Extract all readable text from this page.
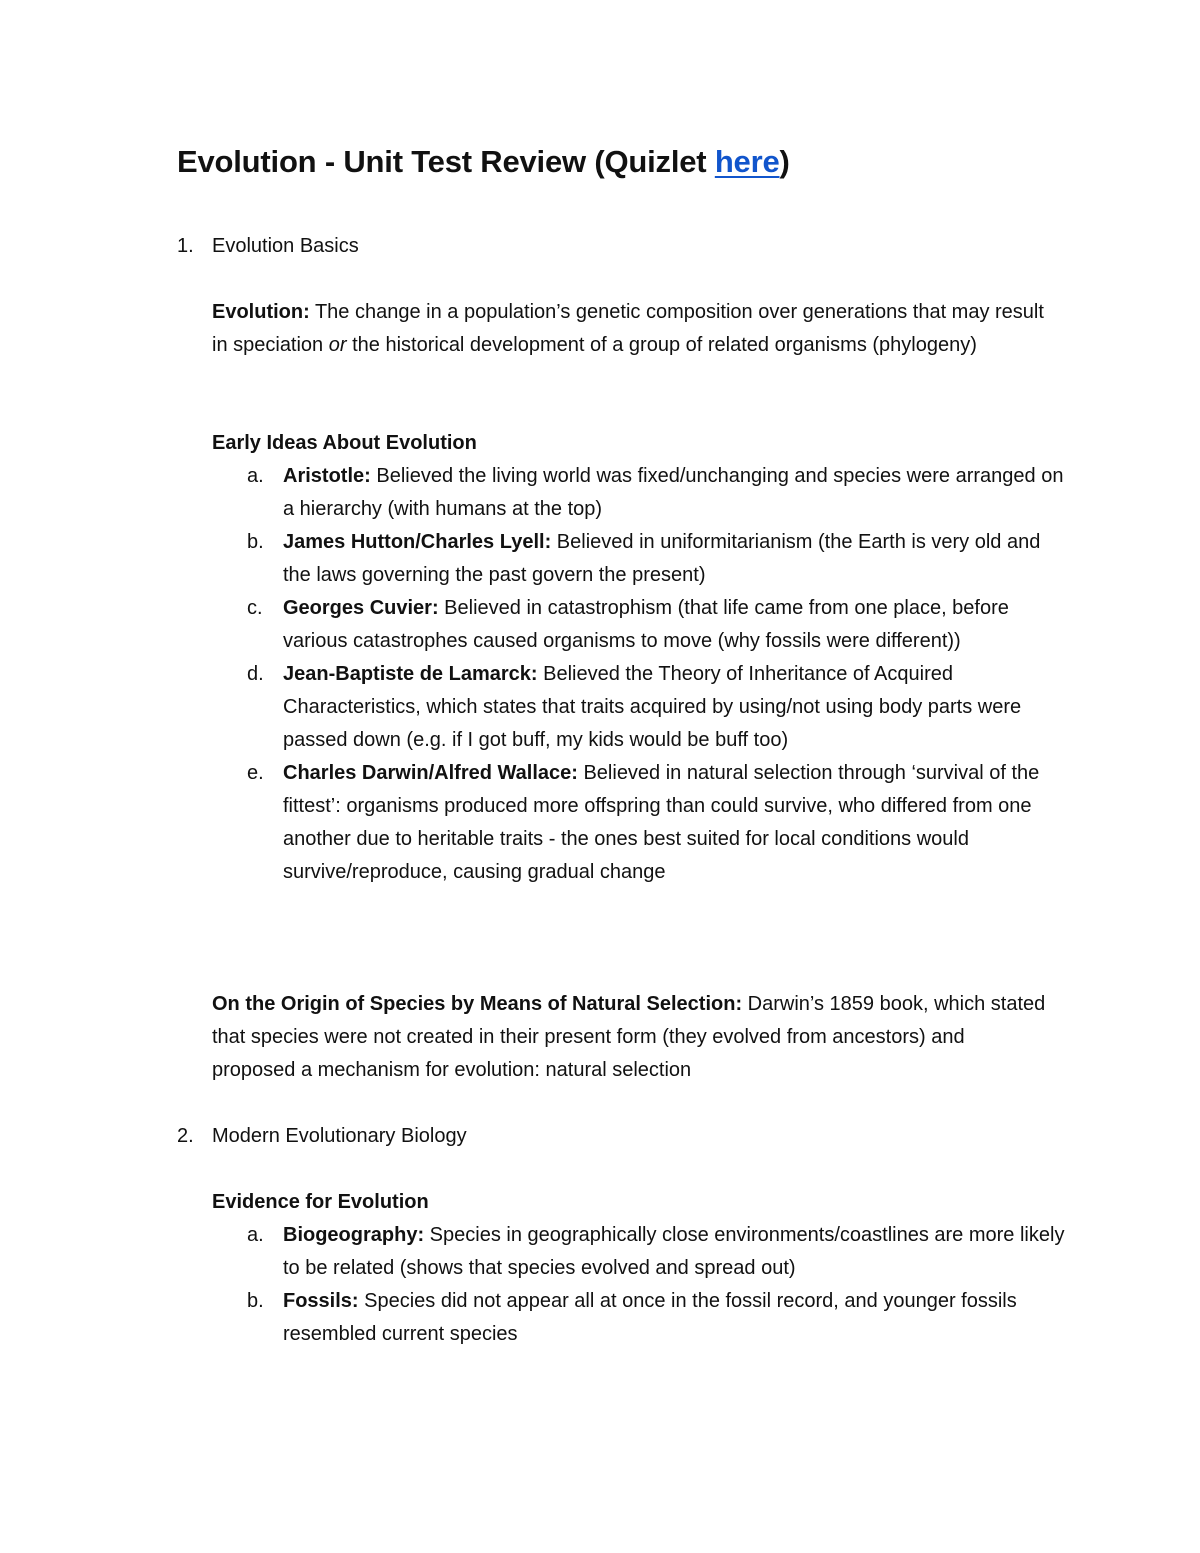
Evolution - Unit Test Review (Quizlet here)
1. Evolution Basics

Evolution: The change in a population’s genetic composition over generations that may result in speciation or the historical development of a group of related organisms (phylogeny)

Early Ideas About Evolution

a. Aristotle: Believed the living world was fixed/unchanging and species were arranged on a hierarchy (with humans at the top)
b. James Hutton/Charles Lyell: Believed in uniformitarianism (the Earth is very old and the laws governing the past govern the present)
c. Georges Cuvier: Believed in catastrophism (that life came from one place, before various catastrophes caused organisms to move (why fossils were different))
d. Jean-Baptiste de Lamarck: Believed the Theory of Inheritance of Acquired Characteristics, which states that traits acquired by using/not using body parts were passed down (e.g. if I got buff, my kids would be buff too)
e. Charles Darwin/Alfred Wallace: Believed in natural selection through ‘survival of the fittest’: organisms produced more offspring than could survive, who differed from one another due to heritable traits - the ones best suited for local conditions would survive/reproduce, causing gradual change

On the Origin of Species by Means of Natural Selection: Darwin’s 1859 book, which stated that species were not created in their present form (they evolved from ancestors) and proposed a mechanism for evolution: natural selection

2. Modern Evolutionary Biology

Evidence for Evolution

a. Biogeography: Species in geographically close environments/coastlines are more likely to be related (shows that species evolved and spread out)
b. Fossils: Species did not appear all at once in the fossil record, and younger fossils resembled current species
